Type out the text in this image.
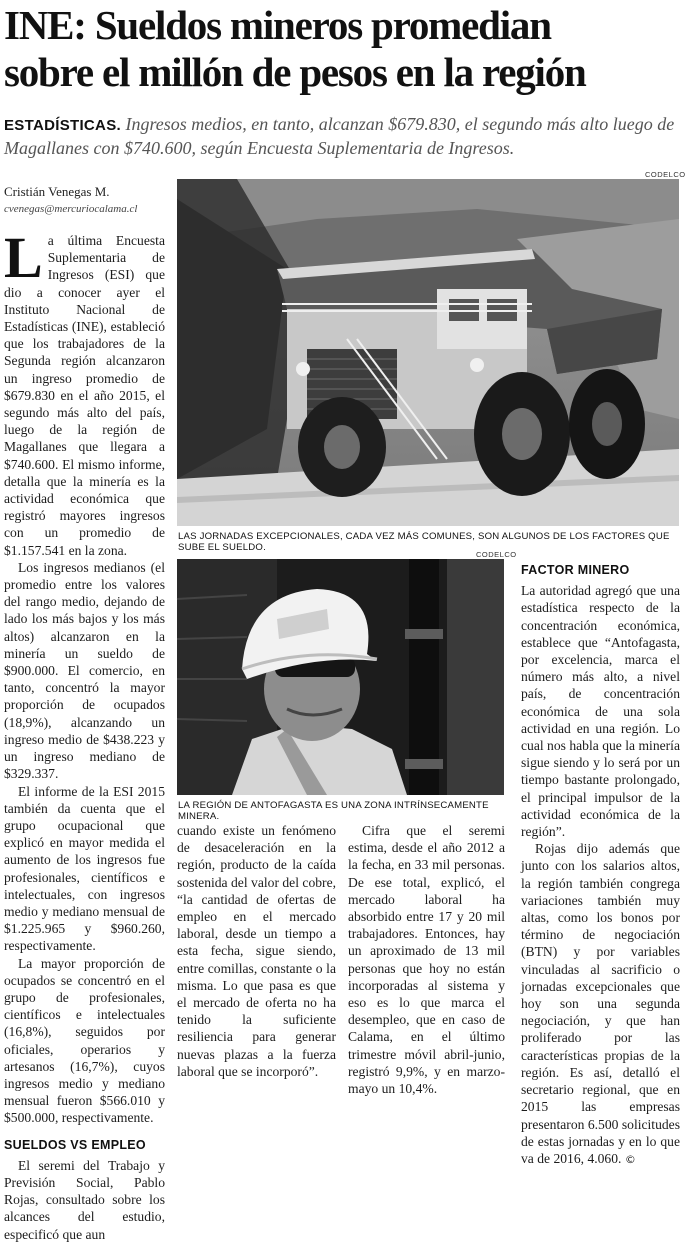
INE: Sueldos mineros promedian
sobre el millón de pesos en la región
ESTADÍSTICAS. Ingresos medios, en tanto, alcanzan $679.830, el segundo más alto luego de Magallanes con $740.600, según Encuesta Suplementaria de Ingresos.
Cristián Venegas M.
cvenegas@mercuriocalama.cl
CODELCO
LAS JORNADAS EXCEPCIONALES, CADA VEZ MÁS COMUNES, SON ALGUNOS DE LOS FACTORES QUE SUBE EL SUELDO.
CODELCO
LA REGIÓN DE ANTOFAGASTA ES UNA ZONA INTRÍNSECAMENTE MINERA.

La última Encuesta Suplementaria de Ingresos (ESI) que dio a conocer ayer el Instituto Nacional de Estadísticas (INE), estableció que los trabajadores de la Segunda región alcanzaron un ingreso promedio de $679.830 en el año 2015, el segundo más alto del país, luego de la región de Magallanes que llegara a $740.600. El mismo informe, detalla que la minería es la actividad económica que registró mayores ingresos con un promedio de $1.157.541 en la zona.

Los ingresos medianos (el promedio entre los valores del rango medio, dejando de lado los más bajos y los más altos) alcanzaron en la minería un sueldo de $900.000. El comercio, en tanto, concentró la mayor proporción de ocupados (18,9%), alcanzando un ingreso medio de $438.223 y un ingreso mediano de $329.337.

El informe de la ESI 2015 también da cuenta que el grupo ocupacional que explicó en mayor medida el aumento de los ingresos fue profesionales, científicos e intelectuales, con ingresos medio y mediano mensual de $1.225.965 y $960.260, respectivamente.

La mayor proporción de ocupados se concentró en el grupo de profesionales, científicos e intelectuales (16,8%), seguidos por oficiales, operarios y artesanos (16,7%), cuyos ingresos medio y mediano mensual fueron $566.010 y $500.000, respectivamente.

SUELDOS VS EMPLEO

El seremi del Trabajo y Previsión Social, Pablo Rojas, consultado sobre los alcances del estudio, especificó que aun

cuando existe un fenómeno de desaceleración en la región, producto de la caída sostenida del valor del cobre, “la cantidad de ofertas de empleo en el mercado laboral, desde un tiempo a esta fecha, sigue siendo, entre comillas, constante o la misma. Lo que pasa es que el mercado de oferta no ha tenido la suficiente resiliencia para generar nuevas plazas a la fuerza laboral que se incorporó”.

Cifra que el seremi estima, desde el año 2012 a la fecha, en 33 mil personas. De ese total, explicó, el mercado laboral ha absorbido entre 17 y 20 mil trabajadores. Entonces, hay un aproximado de 13 mil personas que hoy no están incorporadas al sistema y eso es lo que marca el desempleo, que en caso de Calama, en el último trimestre móvil abril-junio, registró 9,9%, y en marzo-mayo un 10,4%.

FACTOR MINERO

La autoridad agregó que una estadística respecto de la concentración económica, establece que “Antofagasta, por excelencia, marca el número más alto, a nivel país, de concentración económica de una sola actividad en una región. Lo cual nos habla que la minería sigue siendo y lo será por un tiempo bastante prolongado, el principal impulsor de la actividad económica de la región”.

Rojas dijo además que junto con los salarios altos, la región también congrega variaciones también muy altas, como los bonos por término de negociación (BTN) y por variables vinculadas al sacrificio o jornadas excepcionales que hoy son una segunda negociación, y que han proliferado por las características propias de la región. Es así, detalló el secretario regional, que en 2015 las empresas presentaron 6.500 solicitudes de estas jornadas y en lo que va de 2016, 4.060. ©
